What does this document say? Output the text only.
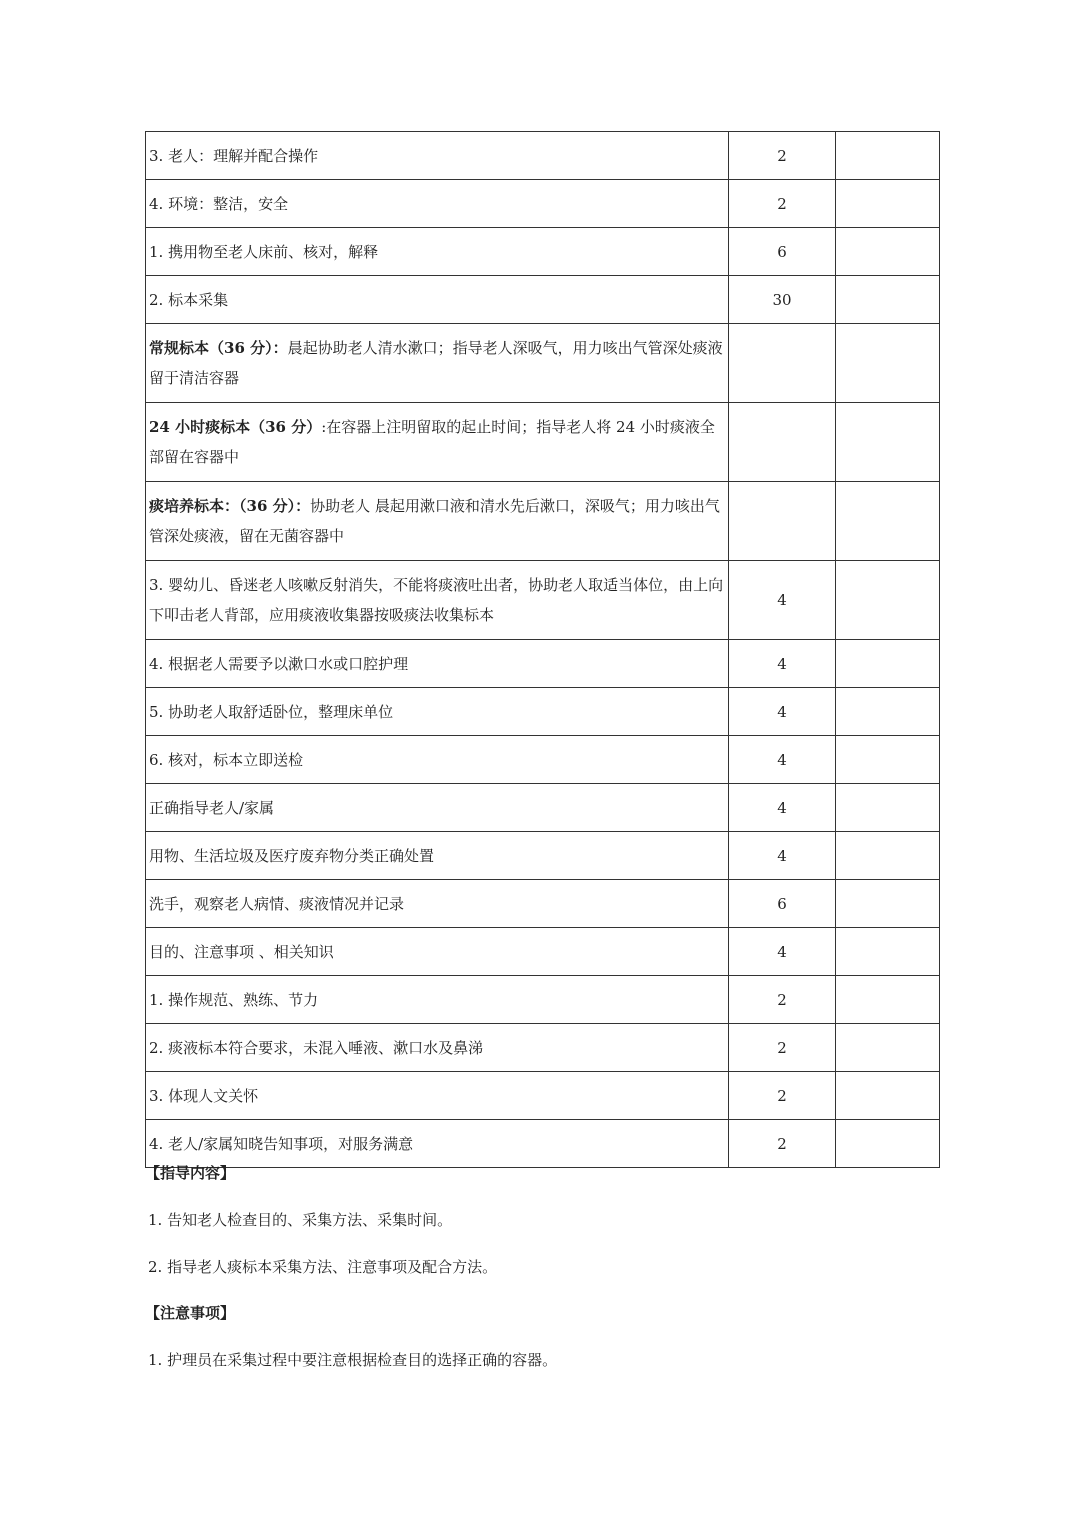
3. 老人：理解并配合操作	2	
4. 环境：整洁，安全	2	
1. 携用物至老人床前、核对，解释	6	
2. 标本采集	30	
常规标本（36 分）：晨起协助老人清水漱口；指导老人深吸气，用力咳出气管深处痰液留于清洁容器		
24 小时痰标本（36 分）:在容器上注明留取的起止时间；指导老人将 24 小时痰液全部留在容器中		
痰培养标本：（36 分）：协助老人 晨起用漱口液和清水先后漱口，深吸气；用力咳出气管深处痰液，留在无菌容器中		
3. 婴幼儿、昏迷老人咳嗽反射消失，不能将痰液吐出者，协助老人取适当体位，由上向下叩击老人背部，应用痰液收集器按吸痰法收集标本	4	
4. 根据老人需要予以漱口水或口腔护理	4	
5. 协助老人取舒适卧位，整理床单位	4	
6. 核对，标本立即送检	4	
正确指导老人/家属	4	
用物、生活垃圾及医疗废弃物分类正确处置	4	
洗手，观察老人病情、痰液情况并记录	6	
目的、注意事项 、相关知识	4	
1. 操作规范、熟练、节力	2	
2. 痰液标本符合要求，未混入唾液、漱口水及鼻涕	2	
3. 体现人文关怀	2	
4. 老人/家属知晓告知事项，对服务满意	2	
【指导内容】
1. 告知老人检查目的、采集方法、采集时间。
2. 指导老人痰标本采集方法、注意事项及配合方法。
【注意事项】
1. 护理员在采集过程中要注意根据检查目的选择正确的容器。
